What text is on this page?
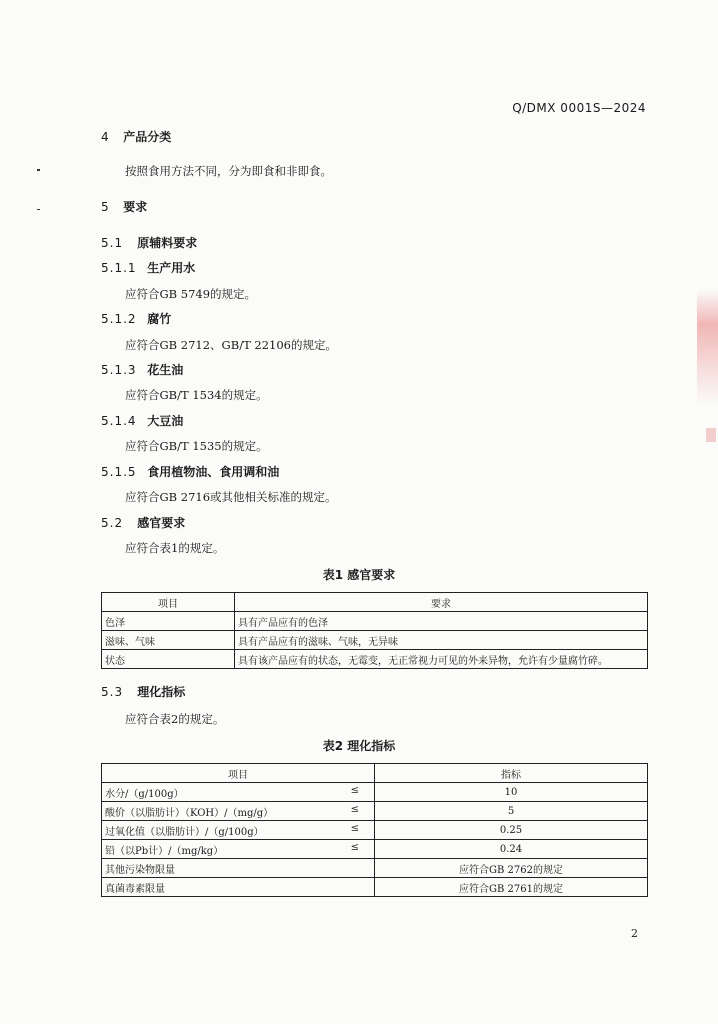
Q/DMX 0001S—2024
4 产品分类
按照食用方法不同，分为即食和非即食。
5 要求
5.1 原辅料要求
5.1.1 生产用水
应符合GB 5749的规定。
5.1.2 腐竹
应符合GB 2712、GB/T 22106的规定。
5.1.3 花生油
应符合GB/T 1534的规定。
5.1.4 大豆油
应符合GB/T 1535的规定。
5.1.5 食用植物油、食用调和油
应符合GB 2716或其他相关标准的规定。
5.2 感官要求
应符合表1的规定。
表1 感官要求
项目	要求
色泽	具有产品应有的色泽
滋味、气味	具有产品应有的滋味、气味，无异味
状态	具有该产品应有的状态，无霉变，无正常视力可见的外来异物，允许有少量腐竹碎。
5.3 理化指标
应符合表2的规定。
表2 理化指标
项目	指标
水分/（g/100g） ≤	10
酸价（以脂肪计）（KOH）/（mg/g） ≤	5
过氧化值（以脂肪计）/（g/100g） ≤	0.25
铅（以Pb计）/（mg/kg） ≤	0.24
其他污染物限量	应符合GB 2762的规定
真菌毒素限量	应符合GB 2761的规定
2
